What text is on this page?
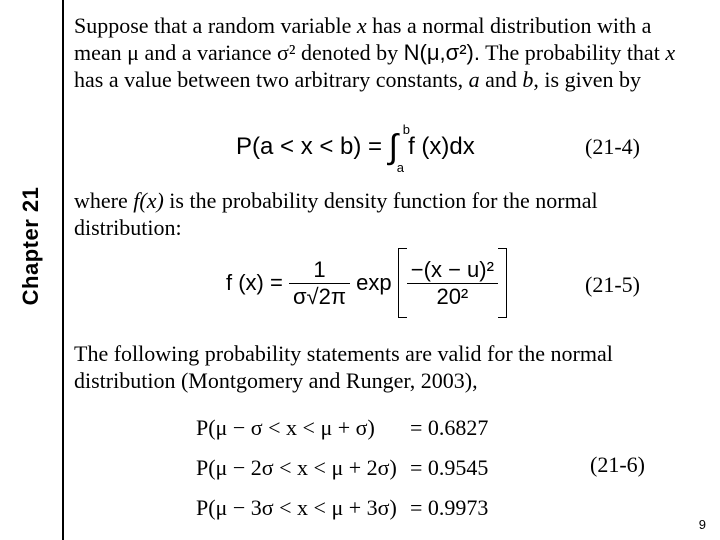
Chapter 21
Suppose that a random variable x has a normal distribution with a mean μ and a variance σ² denoted by N(μ,σ²). The probability that x has a value between two arbitrary constants, a and b, is given by
P(a < x < b) = ∫ b
a
f (x)dx	(21-4)
where f(x) is the probability density function for the normal distribution:
f $(x) = \frac{1}{\sigma√2\pi}$ $\exp \frac{\text{−(x − u)²}}{\text{20²}}$	(21-5)
The following probability statements are valid for the normal distribution (Montgomery and Runger, 2003),
P(μ − σ < x < μ + σ) = 0.6827
P(μ − 2σ < x < μ + 2σ) = 0.9545
P(μ − 3σ < x < μ + 3σ) = 0.9973
(21-6)
9
